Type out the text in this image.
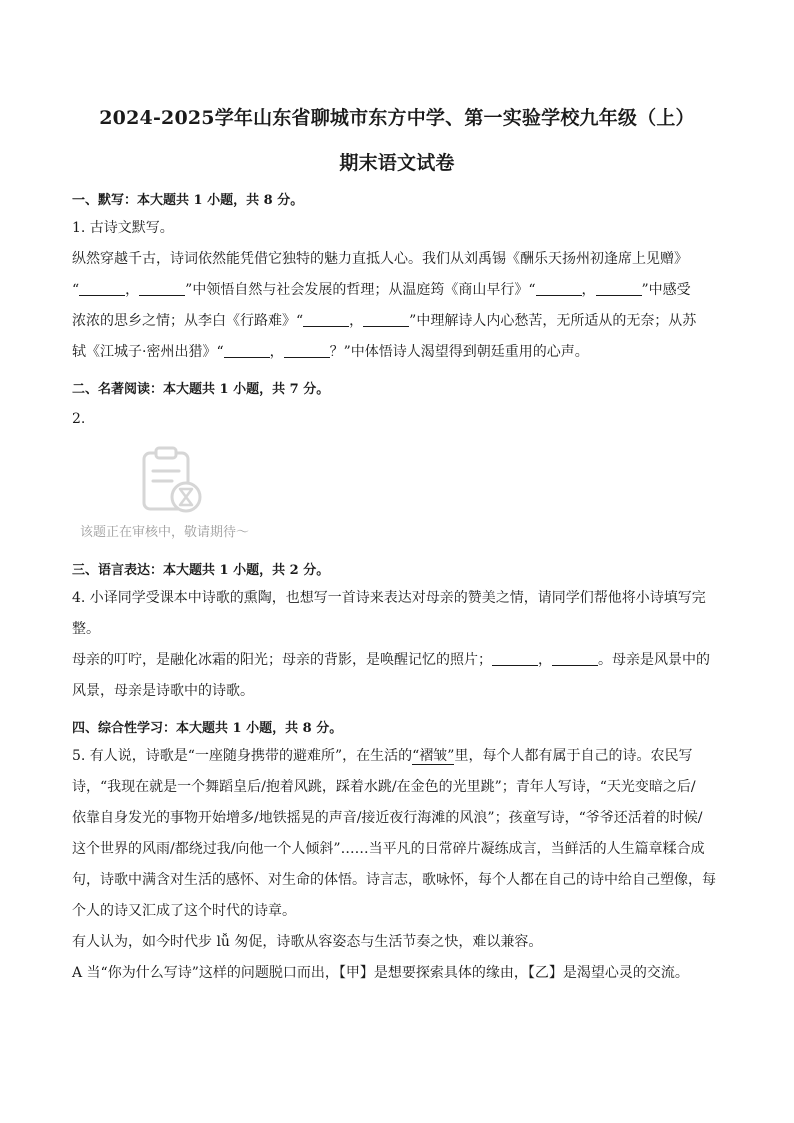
2024-2025学年山东省聊城市东方中学、第一实验学校九年级（上）
期末语文试卷
一、默写：本大题共 1 小题，共 8 分。

1. 古诗文默写。

纵然穿越千古，诗词依然能凭借它独特的魅力直抵人心。我们从刘禹锡《酬乐天扬州初逢席上见赠》

“	，	”中领悟自然与社会发展的哲理；从温庭筠《商山早行》“	，	”中感受

浓浓的思乡之情；从李白《行路难》“	，	”中理解诗人内心愁苦，无所适从的无奈；从苏

轼《江城子·密州出猎》“	，	？”中体悟诗人渴望得到朝廷重用的心声。

二、名著阅读：本大题共 1 小题，共 7 分。

2.

该题正在审核中，敬请期待～
三、语言表达：本大题共 1 小题，共 2 分。

4. 小译同学受课本中诗歌的熏陶，也想写一首诗来表达对母亲的赞美之情，请同学们帮他将小诗填写完

整。

母亲的叮咛，是融化冰霜的阳光；母亲的背影，是唤醒记忆的照片；	，	。母亲是风景中的

风景，母亲是诗歌中的诗歌。

四、综合性学习：本大题共 1 小题，共 8 分。

5. 有人说，诗歌是“一座随身携带的避难所”，在生活的“褶皱”里，每个人都有属于自己的诗。农民写

诗，“我现在就是一个舞蹈皇后/抱着风跳，踩着水跳/在金色的光里跳”；青年人写诗，“天光变暗之后/

依靠自身发光的事物开始增多/地铁摇晃的声音/接近夜行海滩的风浪”；孩童写诗，“爷爷还活着的时候/

这个世界的风雨/都绕过我/向他一个人倾斜”……当平凡的日常碎片凝练成言，当鲜活的人生篇章糅合成

句，诗歌中满含对生活的感怀、对生命的体悟。诗言志，歌咏怀，每个人都在自己的诗中给自己塑像，每

个人的诗又汇成了这个时代的诗章。

有人认为，如今时代步 lǚ 匆促，诗歌从容姿态与生活节奏之快，难以兼容。

A 当“你为什么写诗”这样的问题脱口而出，【甲】是想要探索具体的缘由，【乙】是渴望心灵的交流。
